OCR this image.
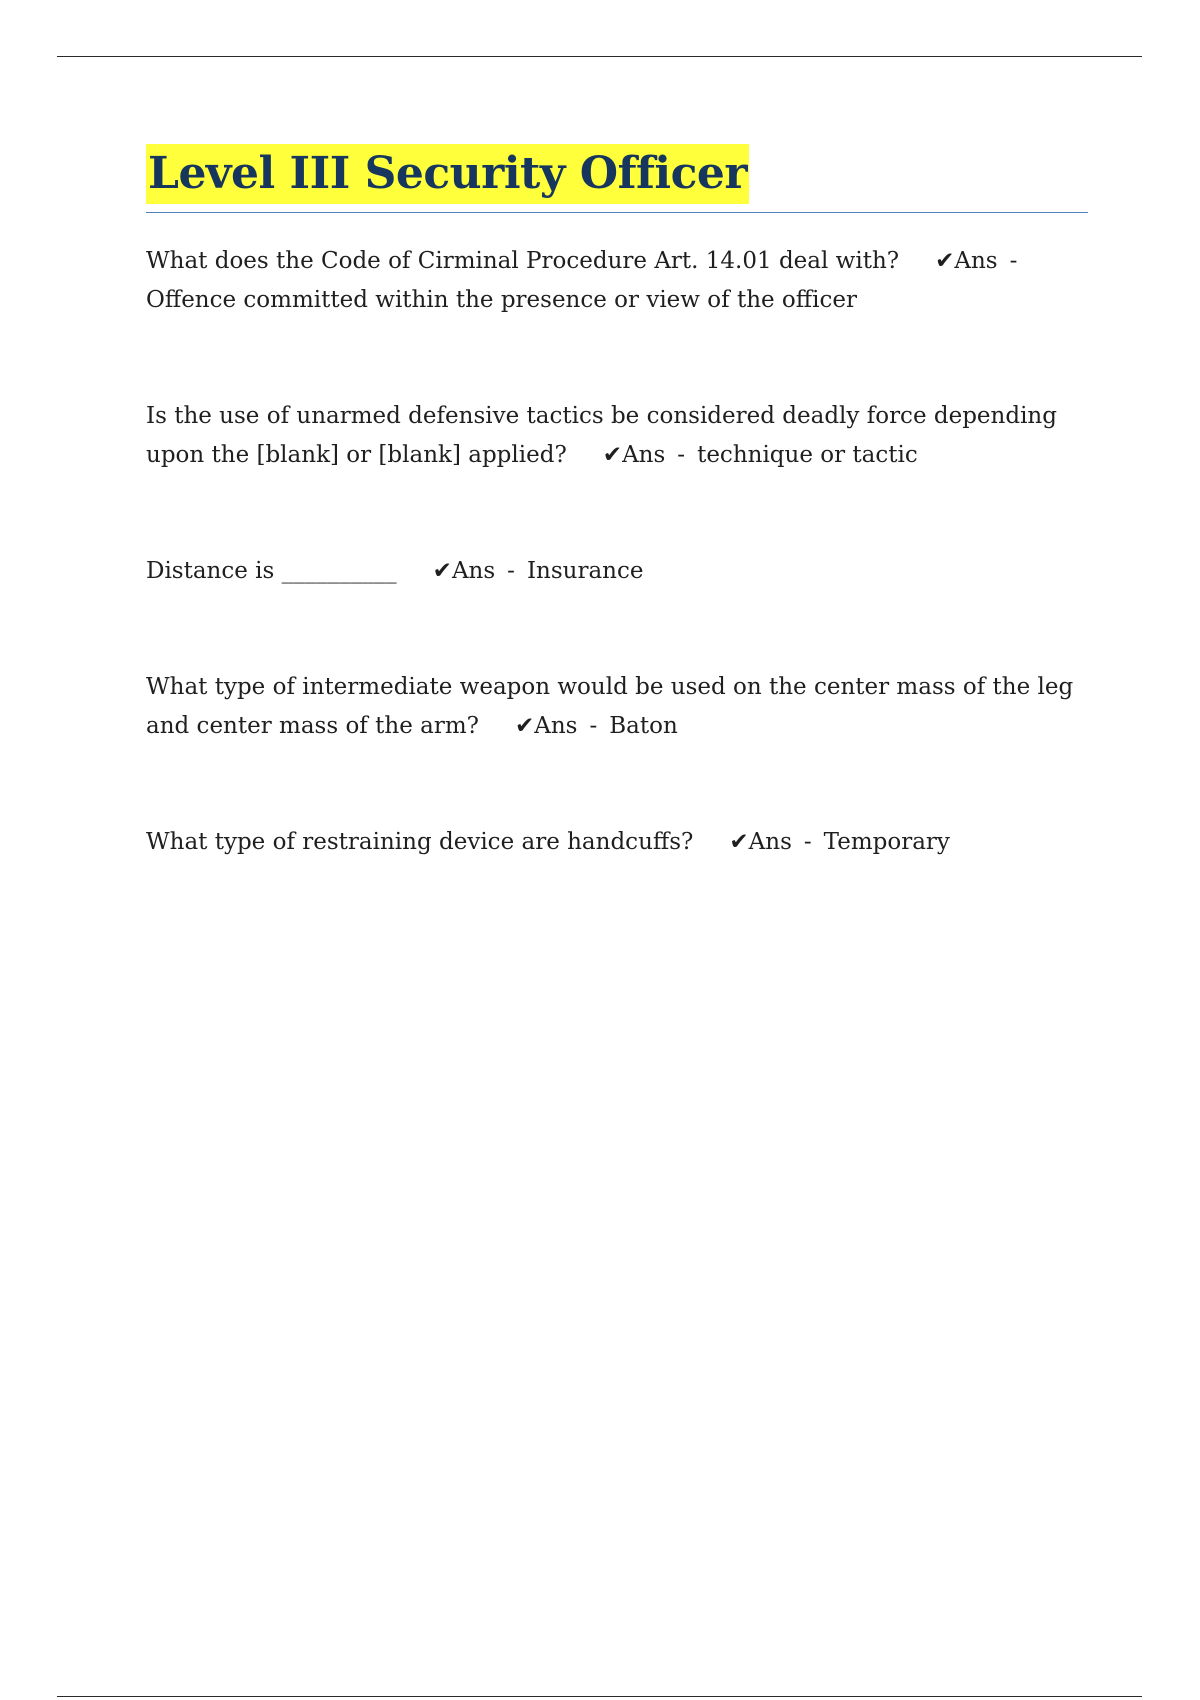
Level III Security Officer
What does the Code of Cirminal Procedure Art. 14.01 deal with? ✔Ans -Offence committed within the presence or view of the officer
Is the use of unarmed defensive tactics be considered deadly force depending upon the [blank] or [blank] applied? ✔Ans - technique or tactic
Distance is __________ ✔Ans - Insurance
What type of intermediate weapon would be used on the center mass of the leg and center mass of the arm? ✔Ans - Baton
What type of restraining device are handcuffs? ✔Ans - Temporary
